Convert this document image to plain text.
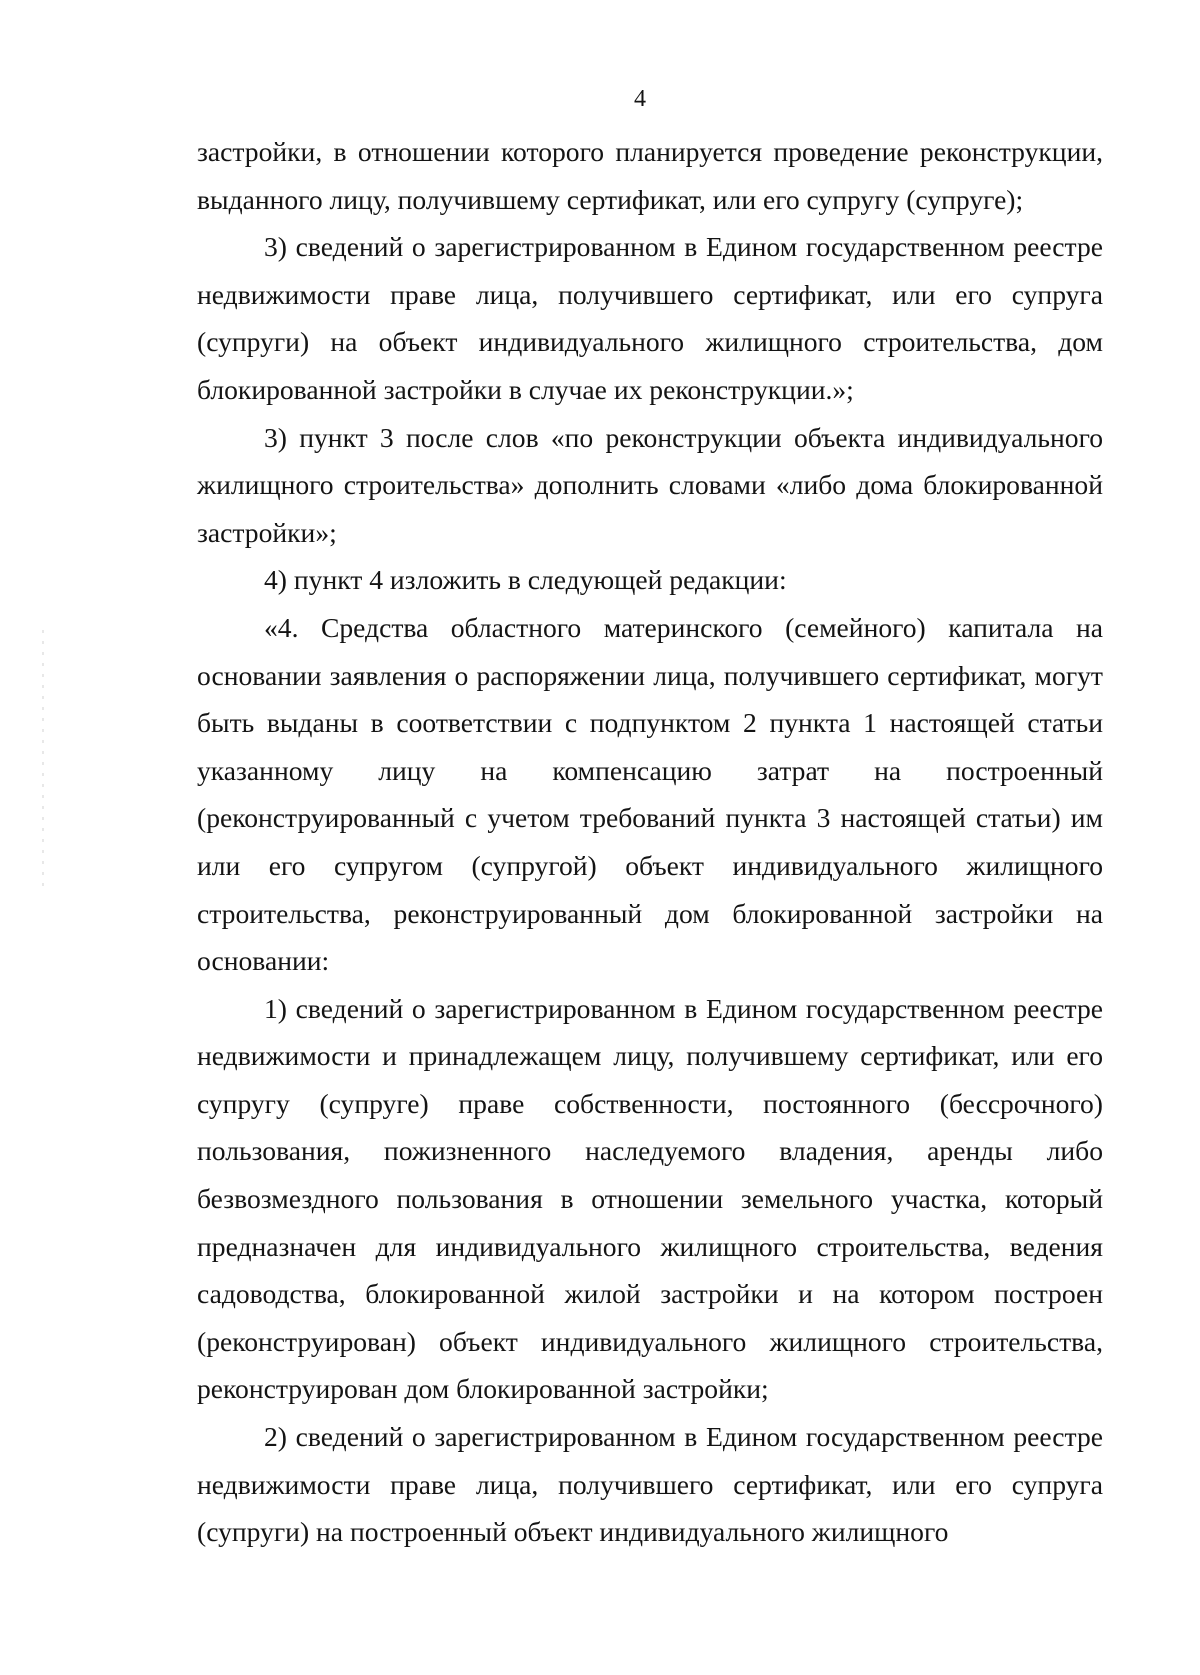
4

застройки, в отношении которого планируется проведение реконструкции, выданного лицу, получившему сертификат, или его супругу (супруге);

3) сведений о зарегистрированном в Едином государственном реестре недвижимости праве лица, получившего сертификат, или его супруга (супруги) на объект индивидуального жилищного строительства, дом блокированной застройки в случае их реконструкции.»;

3) пункт 3 после слов «по реконструкции объекта индивидуального жилищного строительства» дополнить словами «либо дома блокированной застройки»;

4) пункт 4 изложить в следующей редакции:

«4. Средства областного материнского (семейного) капитала на основании заявления о распоряжении лица, получившего сертификат, могут быть выданы в соответствии с подпунктом 2 пункта 1 настоящей статьи указанному лицу на компенсацию затрат на построенный (реконструированный с учетом требований пункта 3 настоящей статьи) им или его супругом (супругой) объект индивидуального жилищного строительства, реконструированный дом блокированной застройки на основании:

1) сведений о зарегистрированном в Едином государственном реестре недвижимости и принадлежащем лицу, получившему сертификат, или его супругу (супруге) праве собственности, постоянного (бессрочного) пользования, пожизненного наследуемого владения, аренды либо безвозмездного пользования в отношении земельного участка, который предназначен для индивидуального жилищного строительства, ведения садоводства, блокированной жилой застройки и на котором построен (реконструирован) объект индивидуального жилищного строительства, реконструирован дом блокированной застройки;

2) сведений о зарегистрированном в Едином государственном реестре недвижимости праве лица, получившего сертификат, или его супруга (супруги) на построенный объект индивидуального жилищного
